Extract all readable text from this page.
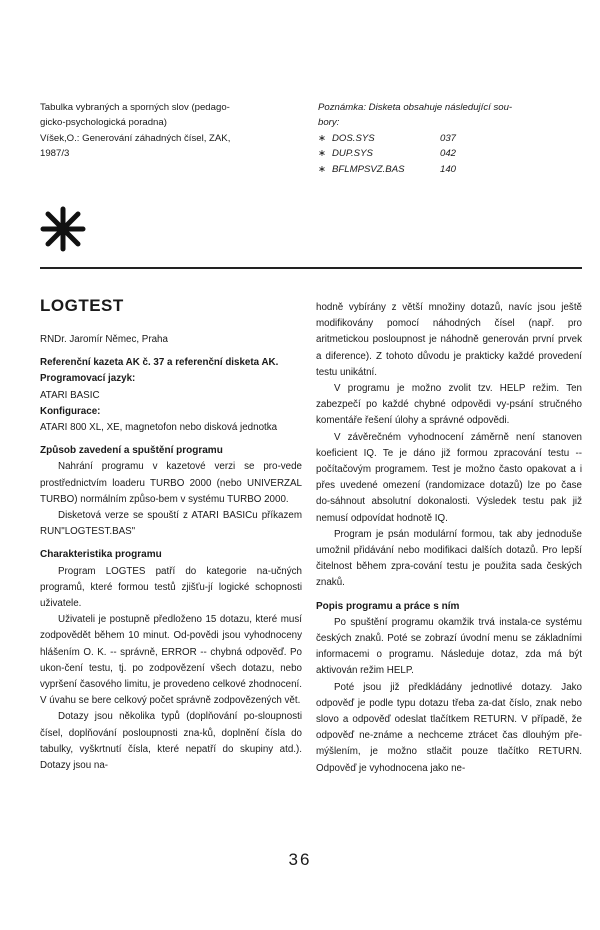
Tabulka vybraných a sporných slov (pedago-
gicko-psychologická poradna)
Víšek,O.: Generování záhadných čísel, ZAK,
1987/3
Poznámka: Disketa obsahuje následující sou-
bory:
∗ DOS.SYS	037
∗ DUP.SYS	042
∗ BFLMPSVZ.BAS	140
LOGTEST

RNDr. Jaromír Němec, Praha

Referenční kazeta AK č. 37 a referenční disketa AK.

Programovací jazyk:

ATARI BASIC

Konfigurace:

ATARI 800 XL, XE, magnetofon nebo disková jednotka

Způsob zavedení a spuštění programu

Nahrání programu v kazetové verzi se pro-vede prostřednictvím loaderu TURBO 2000 (nebo UNIVERZAL TURBO) normálním způso-bem v systému TURBO 2000.

Disketová verze se spouští z ATARI BASICu příkazem RUN"LOGTEST.BAS"

Charakteristika programu

Program LOGTES patří do kategorie na-učných programů, které formou testů zjišťu-jí logické schopnosti uživatele.

Uživateli je postupně předloženo 15 dotazu, které musí zodpovědět během 10 minut. Od-povědi jsou vyhodnoceny hlášením O. K. -- správně, ERROR -- chybná odpověď. Po ukon-čení testu, tj. po zodpovězení všech dotazu, nebo vypršení časového limitu, je provedeno celkové zhodnocení. V úvahu se bere celkový počet správně zodpovězených vět.

Dotazy jsou několika typů (doplňování po-sloupnosti čísel, doplňování posloupnosti zna-ků, doplnění čísla do tabulky, vyškrtnutí čísla, které nepatří do skupiny atd.). Dotazy jsou na-

hodně vybírány z větší množiny dotazů, navíc jsou ještě modifikovány pomocí náhodných čísel (např. pro aritmetickou posloupnost je náhodně generován první prvek a diference). Z tohoto důvodu je prakticky každé provedení testu unikátní.

V programu je možno zvolit tzv. HELP režim. Ten zabezpečí po každé chybné odpovědi vy-psání stručného komentáře řešení úlohy a správné odpovědi.

V závěrečném vyhodnocení záměrně není stanoven koeficient IQ. Te je dáno již formou zpracování testu -- počítačovým programem. Test je možno často opakovat a i přes uvedené omezení (randomizace dotazů) lze po čase do-sáhnout absolutní dokonalosti. Výsledek testu pak již nemusí odpovídat hodnotě IQ.

Program je psán modulární formou, tak aby jednoduše umožnil přidávání nebo modifikaci dalších dotazů. Pro lepší čitelnost během zpra-cování testu je použita sada českých znaků.

Popis programu a práce s ním

Po spuštění programu okamžik trvá instala-ce systému českých znaků. Poté se zobrazí úvodní menu se základními informacemi o programu. Následuje dotaz, zda má být aktivován režim HELP.

Poté jsou již předkládány jednotlivé dotazy. Jako odpověď je podle typu dotazu třeba za-dat číslo, znak nebo slovo a odpověď odeslat tlačítkem RETURN. V případě, že odpověď ne-známe a nechceme ztrácet čas dlouhým pře-mýšlením, je možno stlačit pouze tlačítko RETURN. Odpověď je vyhodnocena jako ne-

36
